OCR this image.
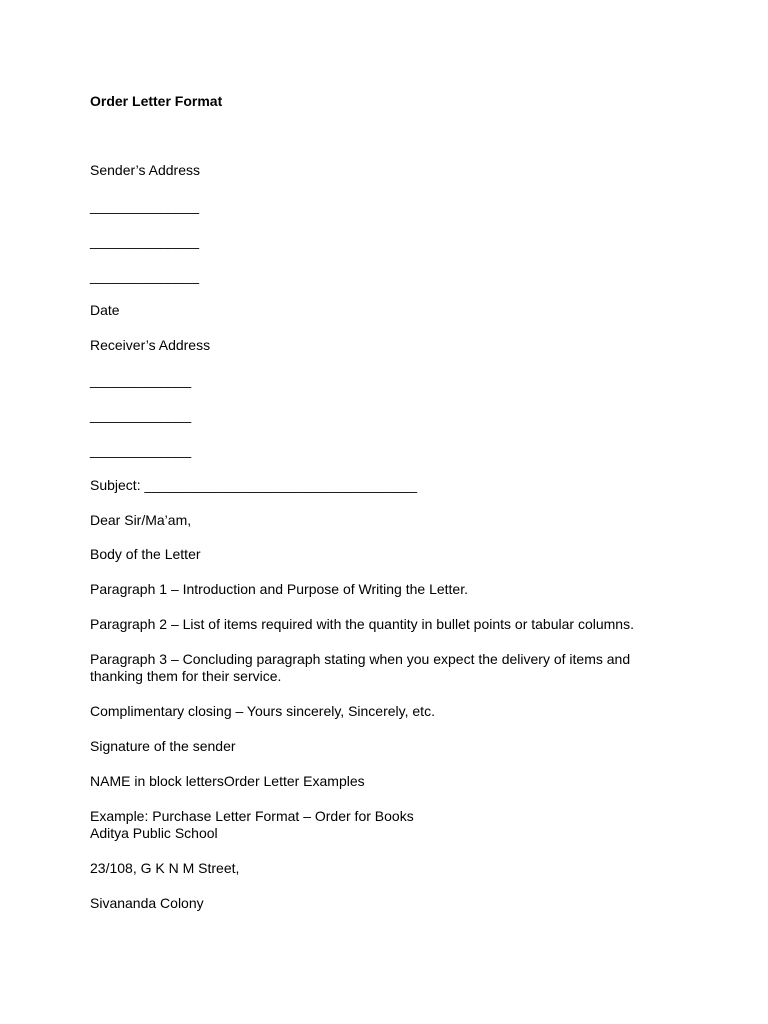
Order Letter Format

Sender’s Address

______________

______________

______________

Date

Receiver’s Address

_____________

_____________

_____________

Subject: ___________________________________

Dear Sir/Ma’am,

Body of the Letter

Paragraph 1 – Introduction and Purpose of Writing the Letter.

Paragraph 2 – List of items required with the quantity in bullet points or tabular columns.

Paragraph 3 – Concluding paragraph stating when you expect the delivery of items and

thanking them for their service.

Complimentary closing – Yours sincerely, Sincerely, etc.

Signature of the sender

NAME in block lettersOrder Letter Examples

Example: Purchase Letter Format – Order for Books

Aditya Public School

23/108, G K N M Street,

Sivananda Colony
